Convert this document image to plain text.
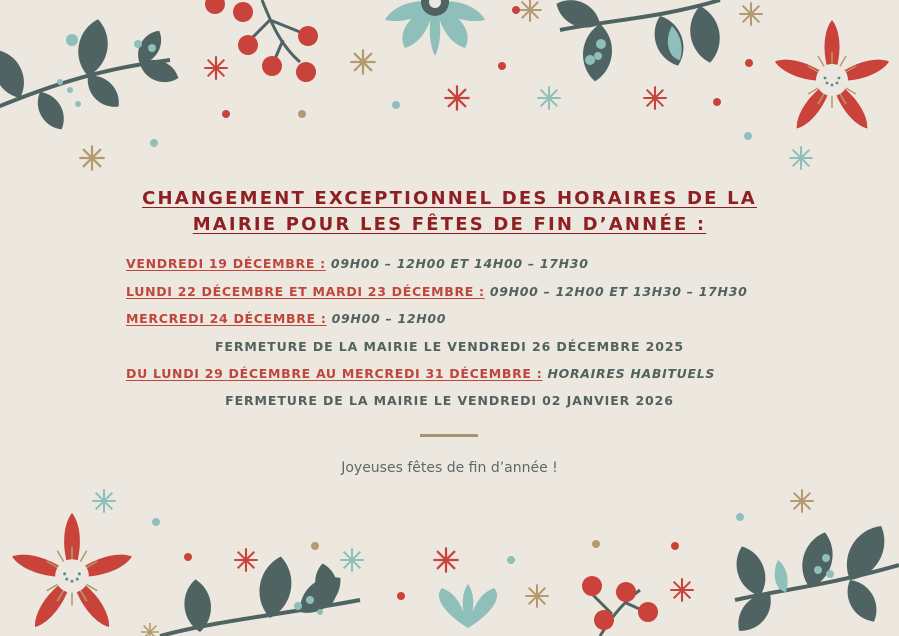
CHANGEMENT EXCEPTIONNEL DES HORAIRES DE LA
MAIRIE POUR LES FÊTES DE FIN D’ANNÉE :
VENDREDI 19 DÉCEMBRE : 09H00 – 12H00 ET 14H00 – 17H30
LUNDI 22 DÉCEMBRE ET MARDI 23 DÉCEMBRE : 09H00 – 12H00 ET 13H30 – 17H30
MERCREDI 24 DÉCEMBRE : 09H00 – 12H00
FERMETURE DE LA MAIRIE LE VENDREDI 26 DÉCEMBRE 2025
DU LUNDI 29 DÉCEMBRE AU MERCREDI 31 DÉCEMBRE : HORAIRES HABITUELS
FERMETURE DE LA MAIRIE LE VENDREDI 02 JANVIER 2026
Joyeuses fêtes de fin d’année !
